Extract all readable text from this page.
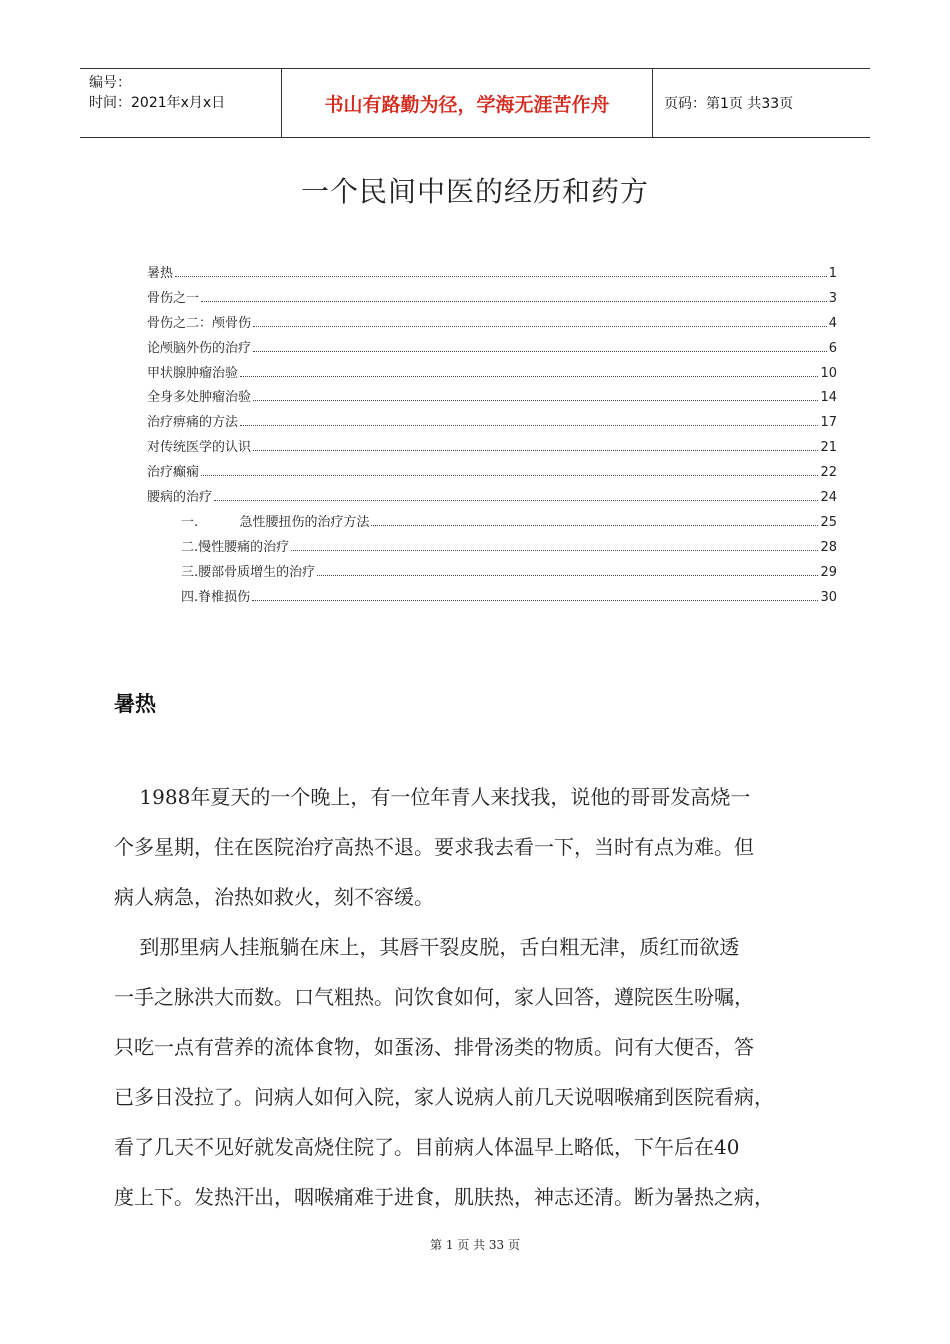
编号：
时间：2021年x月x日	书山有路勤为径，学海无涯苦作舟	页码：第1页 共33页
一个民间中医的经历和药方
暑热	1
骨伤之一	3
骨伤之二：颅骨伤	4
论颅脑外伤的治疗	6
甲状腺肿瘤治验	10
全身多处肿瘤治验	14
治疗痹痛的方法	17
对传统医学的认识	21
治疗癫痫	22
腰病的治疗	24
一.          急性腰扭伤的治疗方法	25
二.慢性腰痛的治疗	28
三.腰部骨质增生的治疗	29
四.脊椎损伤	30
暑热
1988年夏天的一个晚上，有一位年青人来找我，说他的哥哥发高烧一
个多星期，住在医院治疗高热不退。要求我去看一下，当时有点为难。但
病人病急，治热如救火，刻不容缓。
到那里病人挂瓶躺在床上，其唇干裂皮脱，舌白粗无津，质红而欲透
一手之脉洪大而数。口气粗热。问饮食如何，家人回答，遵院医生吩嘱，
只吃一点有营养的流体食物，如蛋汤、排骨汤类的物质。问有大便否，答
已多日没拉了。问病人如何入院，家人说病人前几天说咽喉痛到医院看病，
看了几天不见好就发高烧住院了。目前病人体温早上略低，下午后在40
度上下。发热汗出，咽喉痛难于进食，肌肤热，神志还清。断为暑热之病，
第 1 页 共 33 页
